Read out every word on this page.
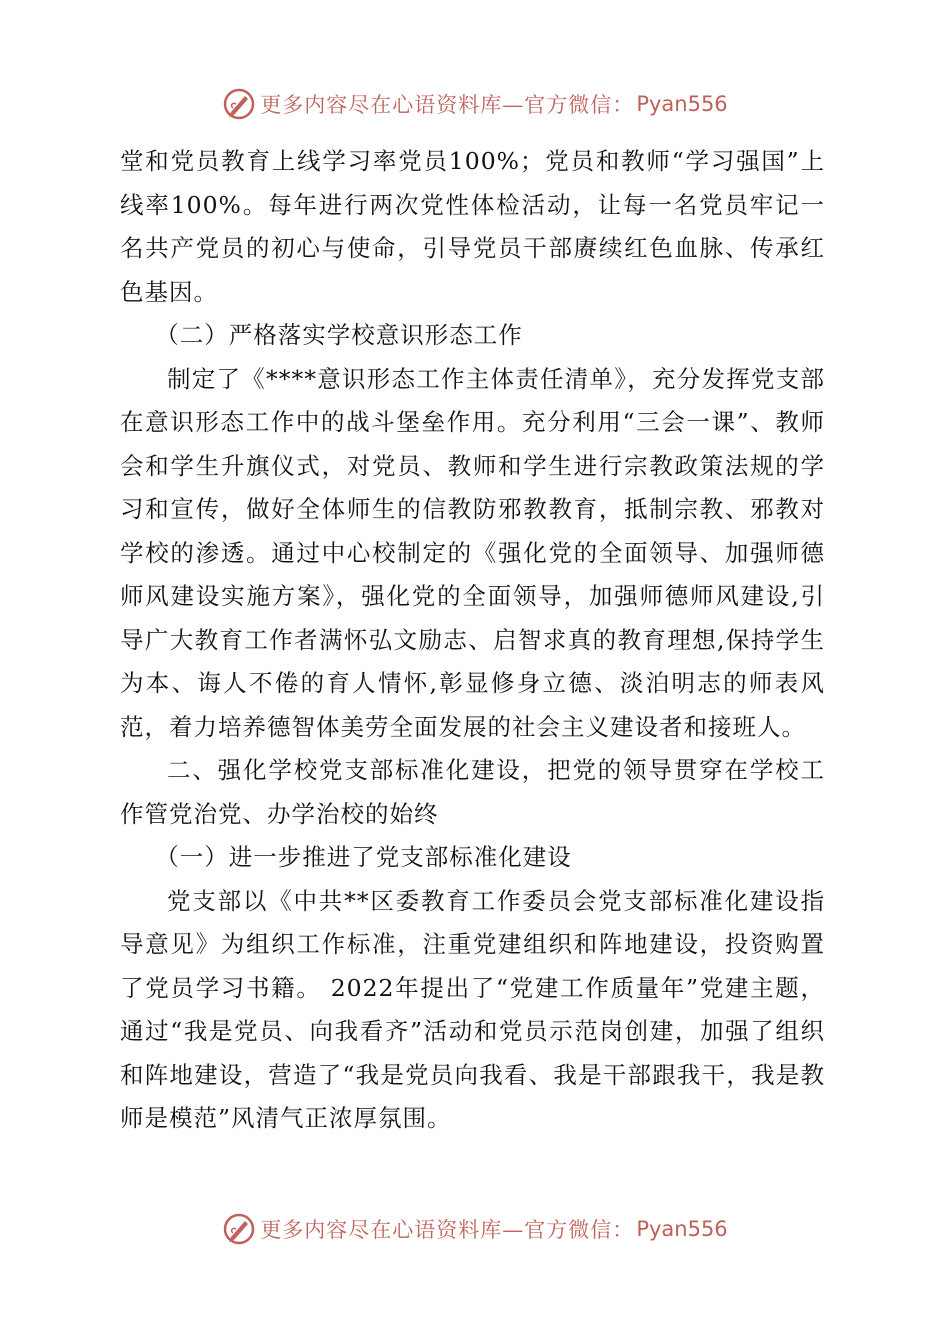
更多内容尽在心语资料库—官方微信： Pyan556

堂和党员教育上线学习率党员100%；党员和教师“学习强国”上线率100%。每年进行两次党性体检活动，让每一名党员牢记一名共产党员的初心与使命，引导党员干部赓续红色血脉、传承红色基因。

（二）严格落实学校意识形态工作

制定了《****意识形态工作主体责任清单》，充分发挥党支部在意识形态工作中的战斗堡垒作用。充分利用“三会一课”、教师会和学生升旗仪式，对党员、教师和学生进行宗教政策法规的学习和宣传，做好全体师生的信教防邪教教育，抵制宗教、邪教对学校的渗透。通过中心校制定的《强化党的全面领导、加强师德师风建设实施方案》，强化党的全面领导，加强师德师风建设,引导广大教育工作者满怀弘文励志、启智求真的教育理想,保持学生为本、诲人不倦的育人情怀,彰显修身立德、淡泊明志的师表风范，着力培养德智体美劳全面发展的社会主义建设者和接班人。

二、强化学校党支部标准化建设，把党的领导贯穿在学校工作管党治党、办学治校的始终

（一）进一步推进了党支部标准化建设

党支部以《中共**区委教育工作委员会党支部标准化建设指导意见》为组织工作标准，注重党建组织和阵地建设，投资购置了党员学习书籍。 2022年提出了“党建工作质量年”党建主题，通过“我是党员、向我看齐”活动和党员示范岗创建，加强了组织和阵地建设，营造了“我是党员向我看、我是干部跟我干，我是教师是模范”风清气正浓厚氛围。

更多内容尽在心语资料库—官方微信： Pyan556
